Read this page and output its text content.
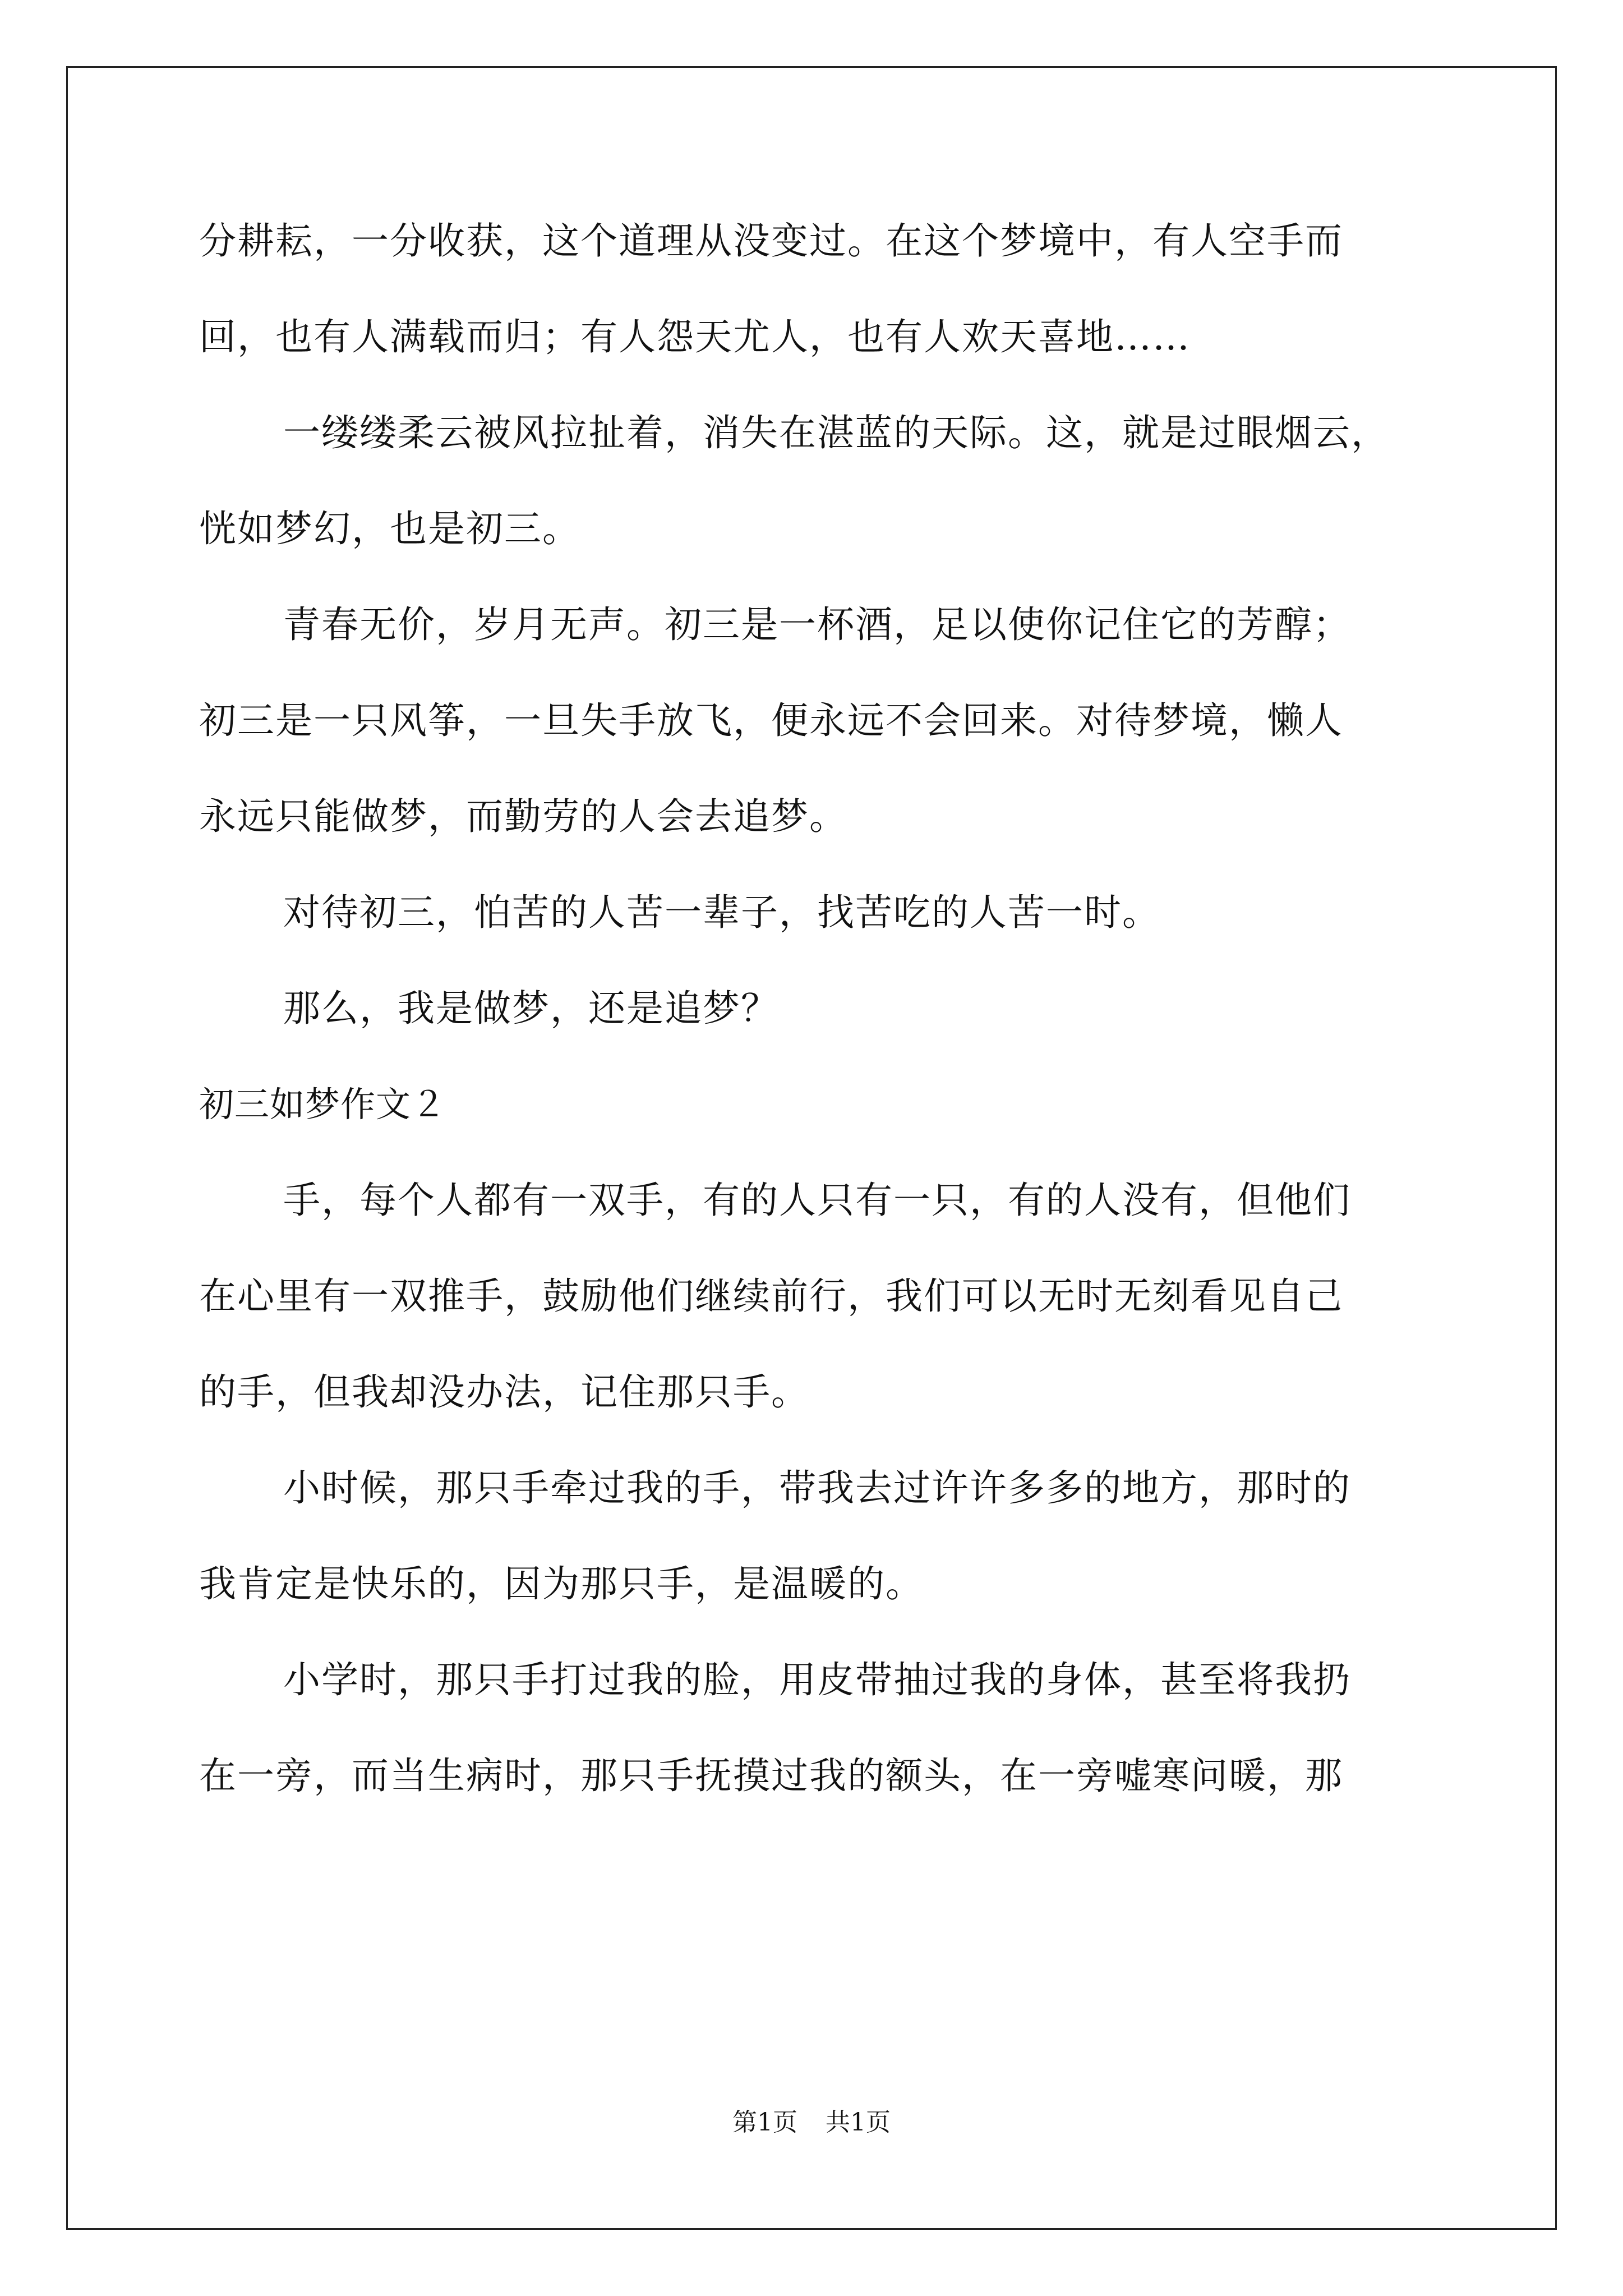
分耕耘，一分收获，这个道理从没变过。在这个梦境中，有人空手而
回，也有人满载而归；有人怨天尤人，也有人欢天喜地……
一缕缕柔云被风拉扯着，消失在湛蓝的天际。这，就是过眼烟云，
恍如梦幻，也是初三。
青春无价，岁月无声。初三是一杯酒，足以使你记住它的芳醇；
初三是一只风筝，一旦失手放飞，便永远不会回来。对待梦境，懒人
永远只能做梦，而勤劳的人会去追梦。
对待初三，怕苦的人苦一辈子，找苦吃的人苦一时。
那么，我是做梦，还是追梦？
初三如梦作文２
手，每个人都有一双手，有的人只有一只，有的人没有，但他们
在心里有一双推手，鼓励他们继续前行，我们可以无时无刻看见自己
的手，但我却没办法，记住那只手。
小时候，那只手牵过我的手，带我去过许许多多的地方，那时的
我肯定是快乐的，因为那只手，是温暖的。
小学时，那只手打过我的脸，用皮带抽过我的身体，甚至将我扔
在一旁，而当生病时，那只手抚摸过我的额头，在一旁嘘寒问暖，那
第1页 共1页
